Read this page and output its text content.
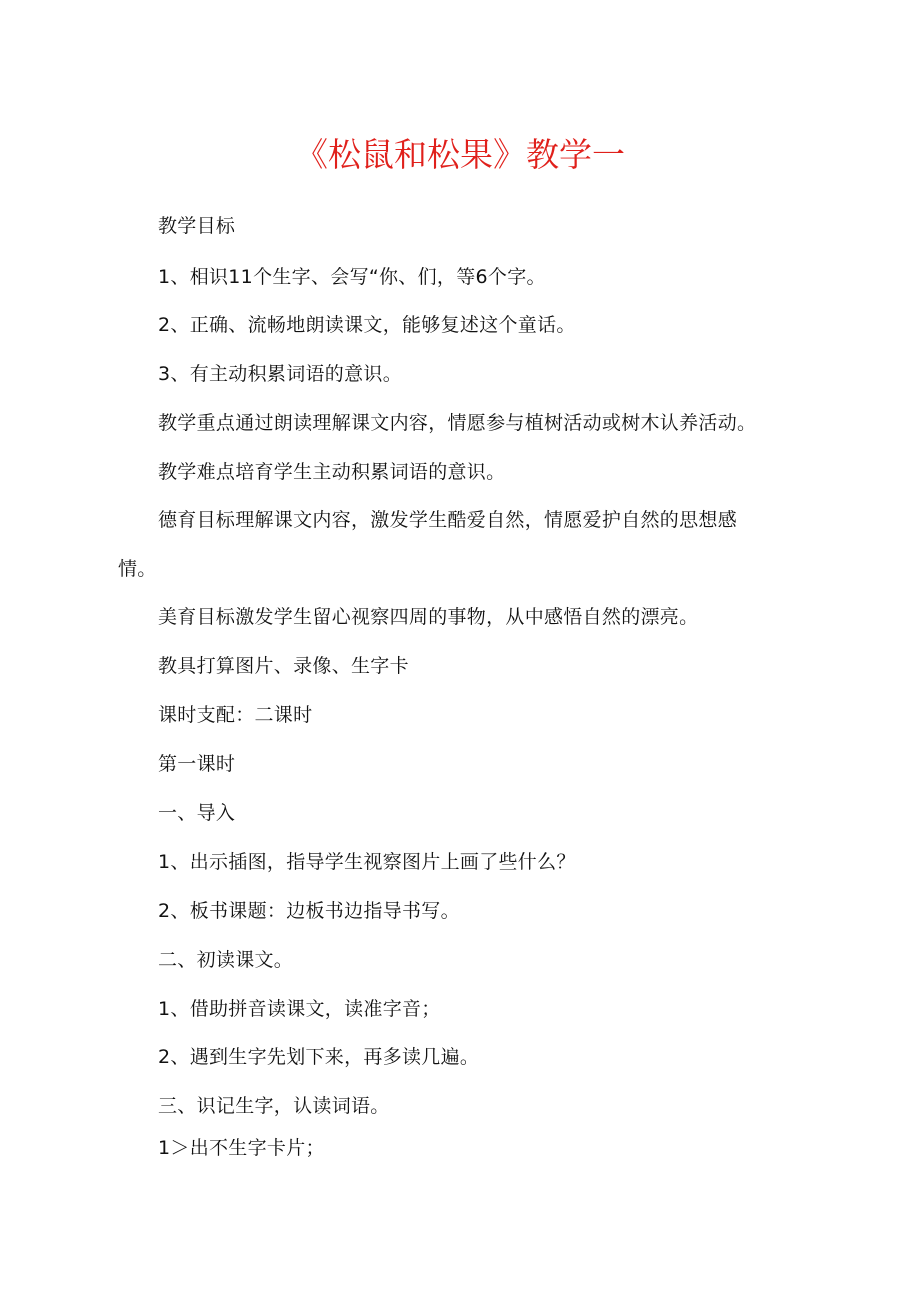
《松鼠和松果》教学一
教学目标
1、相识11个生字、会写“你、们，等6个字。
2、正确、流畅地朗读课文，能够复述这个童话。
3、有主动积累词语的意识。
教学重点通过朗读理解课文内容，情愿参与植树活动或树木认养活动。
教学难点培育学生主动积累词语的意识。
德育目标理解课文内容，激发学生酷爱自然，情愿爱护自然的思想感
情。
美育目标激发学生留心视察四周的事物，从中感悟自然的漂亮。
教具打算图片、录像、生字卡
课时支配：二课时
第一课时
一、导入
1、出示插图，指导学生视察图片上画了些什么？
2、板书课题：边板书边指导书写。
二、初读课文。
1、借助拼音读课文，读准字音；
2、遇到生字先划下来，再多读几遍。
三、识记生字，认读词语。
1＞出不生字卡片；
